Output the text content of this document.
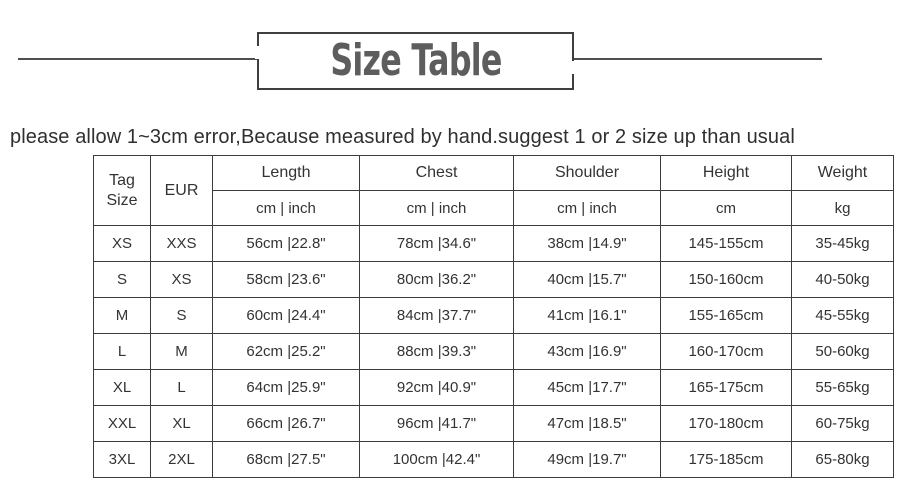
Size Table
please allow 1~3cm error,Because measured by hand.suggest 1 or 2 size up than usual
Tag Size	EUR	Length	Chest	Shoulder	Height	Weight
		cm | inch	cm | inch	cm | inch	cm	kg
XS	XXS	56cm |22.8"	78cm |34.6"	38cm |14.9"	145-155cm	35-45kg
S	XS	58cm |23.6"	80cm |36.2"	40cm |15.7"	150-160cm	40-50kg
M	S	60cm |24.4"	84cm |37.7"	41cm |16.1"	155-165cm	45-55kg
L	M	62cm |25.2"	88cm |39.3"	43cm |16.9"	160-170cm	50-60kg
XL	L	64cm |25.9"	92cm |40.9"	45cm |17.7"	165-175cm	55-65kg
XXL	XL	66cm |26.7"	96cm |41.7"	47cm |18.5"	170-180cm	60-75kg
3XL	2XL	68cm |27.5"	100cm |42.4"	49cm |19.7"	175-185cm	65-80kg
